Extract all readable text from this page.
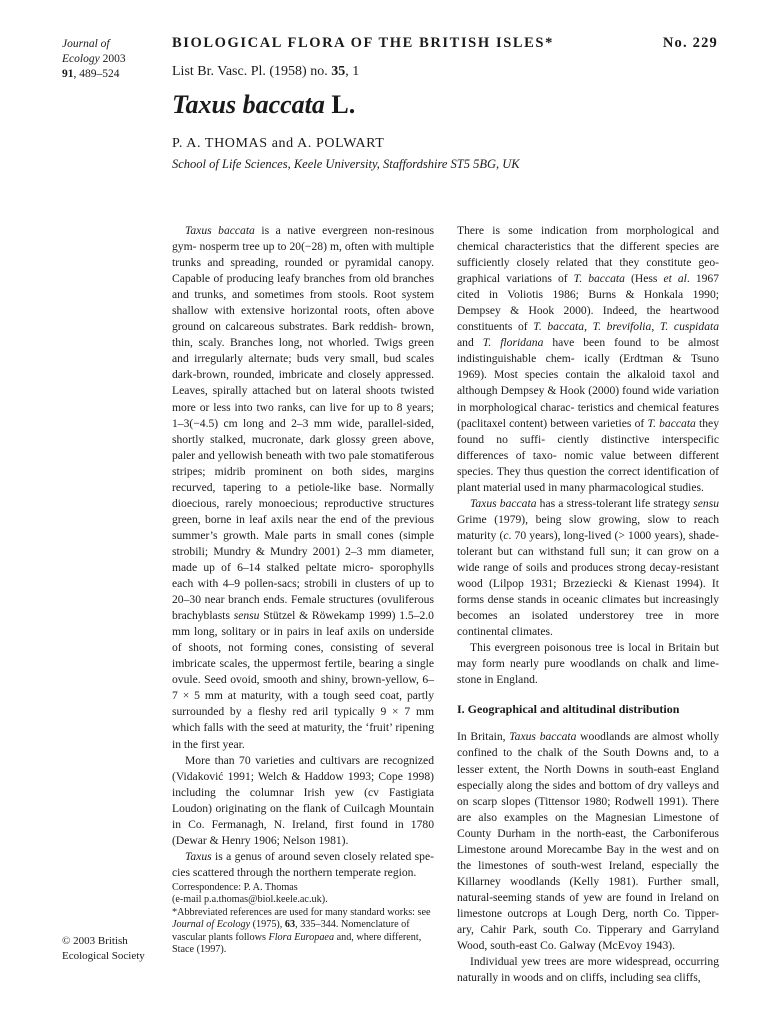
Journal of
Ecology 2003
91, 489–524
BIOLOGICAL FLORA OF THE BRITISH ISLES*	No. 229
List Br. Vasc. Pl. (1958) no. 35, 1
Taxus baccata L.
P. A. THOMAS and A. POLWART
School of Life Sciences, Keele University, Staffordshire ST5 5BG, UK

Taxus baccata is a native evergreen non-resinous gym- nosperm tree up to 20(−28) m, often with multiple trunks and spreading, rounded or pyramidal canopy. Capable of producing leafy branches from old branches and trunks, and sometimes from stools. Root system shallow with extensive horizontal roots, often above ground on calcareous substrates. Bark reddish- brown, thin, scaly. Branches long, not whorled. Twigs green and irregularly alternate; buds very small, bud scales dark-brown, rounded, imbricate and closely appressed. Leaves, spirally attached but on lateral shoots twisted more or less into two ranks, can live for up to 8 years; 1–3(−4.5) cm long and 2–3 mm wide, parallel-sided, shortly stalked, mucronate, dark glossy green above, paler and yellowish beneath with two pale stomatiferous stripes; midrib prominent on both sides, margins recurved, tapering to a petiole-like base. Normally dioecious, rarely monoecious; reproductive structures green, borne in leaf axils near the end of the previous summer’s growth. Male parts in small cones (simple strobili; Mundry & Mundry 2001) 2–3 mm diameter, made up of 6–14 stalked peltate micro- sporophylls each with 4–9 pollen-sacs; strobili in clusters of up to 20–30 near branch ends. Female structures (ovuliferous brachyblasts sensu Stützel & Röwekamp 1999) 1.5–2.0 mm long, solitary or in pairs in leaf axils on underside of shoots, not forming cones, consisting of several imbricate scales, the uppermost fertile, bearing a single ovule. Seed ovoid, smooth and shiny, brown-yellow, 6–7 × 5 mm at maturity, with a tough seed coat, partly surrounded by a fleshy red aril typically 9 × 7 mm which falls with the seed at maturity, the ‘fruit’ ripening in the first year.

More than 70 varieties and cultivars are recognized (Vidaković 1991; Welch & Haddow 1993; Cope 1998) including the columnar Irish yew (cv Fastigiata Loudon) originating on the flank of Cuilcagh Mountain in Co. Fermanagh, N. Ireland, first found in 1780 (Dewar & Henry 1906; Nelson 1981).

Taxus is a genus of around seven closely related spe- cies scattered through the northern temperate region.

Correspondence: P. A. Thomas

(e-mail p.a.thomas@biol.keele.ac.uk).

*Abbreviated references are used for many standard works: see Journal of Ecology (1975), 63, 335–344. Nomenclature of vascular plants follows Flora Europaea and, where different, Stace (1997).

© 2003 British
Ecological Society

There is some indication from morphological and chemical characteristics that the different species are sufficiently closely related that they constitute geo- graphical variations of T. baccata (Hess et al. 1967 cited in Voliotis 1986; Burns & Honkala 1990; Dempsey & Hook 2000). Indeed, the heartwood constituents of T. baccata, T. brevifolia, T. cuspidata and T. floridana have been found to be almost indistinguishable chem- ically (Erdtman & Tsuno 1969). Most species contain the alkaloid taxol and although Dempsey & Hook (2000) found wide variation in morphological charac- teristics and chemical features (paclitaxel content) between varieties of T. baccata they found no suffi- ciently distinctive interspecific differences of taxo- nomic value between different species. They thus question the correct identification of plant material used in many pharmacological studies.

Taxus baccata has a stress-tolerant life strategy sensu Grime (1979), being slow growing, slow to reach maturity (c. 70 years), long-lived (> 1000 years), shade-tolerant but can withstand full sun; it can grow on a wide range of soils and produces strong decay-resistant wood (Lilpop 1931; Brzeziecki & Kienast 1994). It forms dense stands in oceanic climates but increasingly becomes an isolated understorey tree in more continental climates.

This evergreen poisonous tree is local in Britain but may form nearly pure woodlands on chalk and lime- stone in England.

I. Geographical and altitudinal distribution

In Britain, Taxus baccata woodlands are almost wholly confined to the chalk of the South Downs and, to a lesser extent, the North Downs in south-east England especially along the sides and bottom of dry valleys and on scarp slopes (Tittensor 1980; Rodwell 1991). There are also examples on the Magnesian Limestone of County Durham in the north-east, the Carboniferous Limestone around Morecambe Bay in the west and on the limestones of south-west Ireland, especially the Killarney woodlands (Kelly 1981). Further small, natural-seeming stands of yew are found in Ireland on limestone outcrops at Lough Derg, north Co. Tipper- ary, Cahir Park, south Co. Tipperary and Garryland Wood, south-east Co. Galway (McEvoy 1943).

Individual yew trees are more widespread, occurring naturally in woods and on cliffs, including sea cliffs,
